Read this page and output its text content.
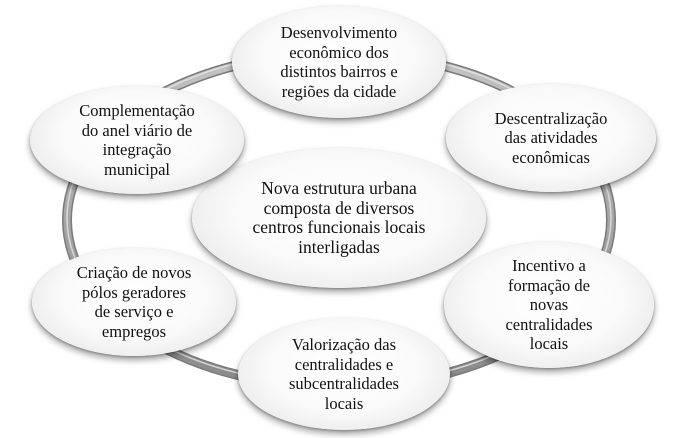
Nova estrutura urbana
composta de diversos
centros funcionais locais
interligadas
Desenvolvimento
econômico dos
distintos bairros e
regiões da cidade
Descentralização
das atividades
econômicas
Incentivo a
formação de
novas
centralidades
locais
Valorização das
centralidades e
subcentralidades
locais
Criação de novos
pólos geradores
de serviço e
empregos
Complementação
do anel viário de
integração
municipal
